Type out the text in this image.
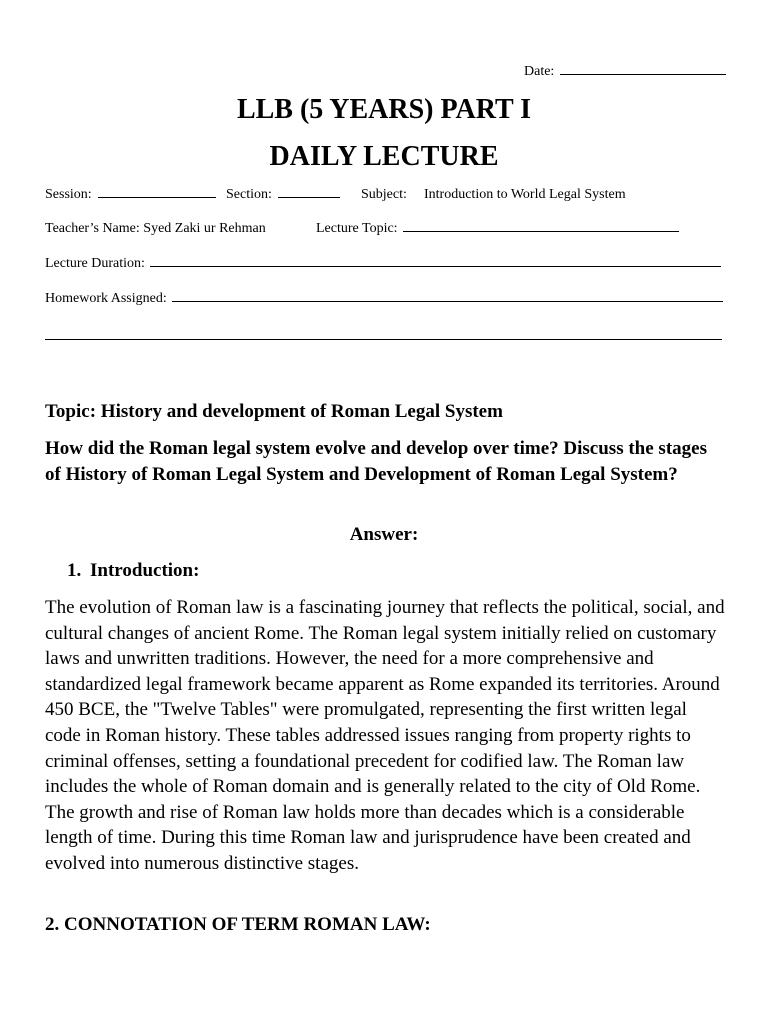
Date:
LLB (5 YEARS) PART I
DAILY LECTURE
Session:	Section:	Subject: Introduction to World Legal System
Teacher’s Name: Syed Zaki ur Rehman	Lecture Topic:
Lecture Duration:
Homework Assigned:
Topic: History and development of Roman Legal System
How did the Roman legal system evolve and develop over time? Discuss the stages of History of Roman Legal System and Development of Roman Legal System?
Answer:
1. Introduction:
The evolution of Roman law is a fascinating journey that reflects the political, social, and cultural changes of ancient Rome. The Roman legal system initially relied on customary laws and unwritten traditions. However, the need for a more comprehensive and standardized legal framework became apparent as Rome expanded its territories. Around 450 BCE, the "Twelve Tables" were promulgated, representing the first written legal code in Roman history. These tables addressed issues ranging from property rights to criminal offenses, setting a foundational precedent for codified law. The Roman law includes the whole of Roman domain and is generally related to the city of Old Rome. The growth and rise of Roman law holds more than decades which is a considerable length of time. During this time Roman law and jurisprudence have been created and evolved into numerous distinctive stages.
2. CONNOTATION OF TERM ROMAN LAW:
